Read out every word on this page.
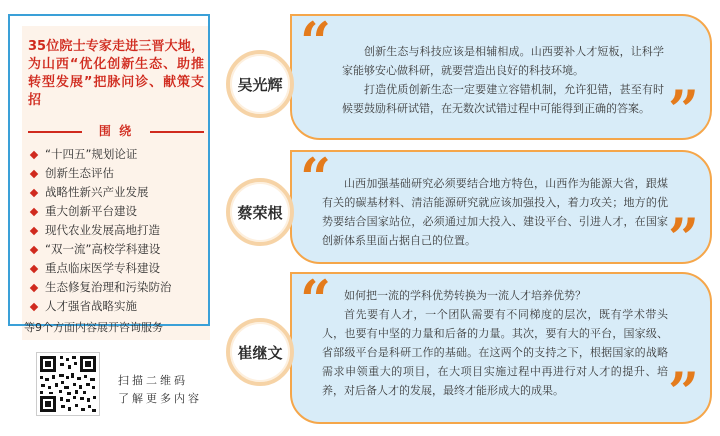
35位院士专家走进三晋大地，为山西“优化创新生态、助推转型发展”把脉问诊、献策支招
围 绕
“十四五”规划论证
创新生态评估
战略性新兴产业发展
重大创新平台建设
现代农业发展高地打造
“双一流”高校学科建设
重点临床医学专科建设
生态修复治理和污染防治
人才强省战略实施
等9个方面内容展开咨询服务
扫描二维码
了解更多内容
“
”

创新生态与科技应该是相辅相成。山西要补人才短板，让科学家能够安心做科研，就要营造出良好的科技环境。

打造优质创新生态一定要建立容错机制，允许犯错，甚至有时候要鼓励科研试错，在无数次试错过程中可能得到正确的答案。

吴光辉
“
”

山西加强基础研究必须要结合地方特色，山西作为能源大省，跟煤有关的碳基材料、清洁能源研究就应该加强投入，着力攻关；地方的优势要结合国家站位，必须通过加大投入、建设平台、引进人才，在国家创新体系里面占据自己的位置。

蔡荣根
“
”

如何把一流的学科优势转换为一流人才培养优势？

首先要有人才，一个团队需要有不同梯度的层次，既有学术带头人，也要有中坚的力量和后备的力量。其次，要有大的平台，国家级、省部级平台是科研工作的基础。在这两个的支持之下，根据国家的战略需求申领重大的项目，在大项目实施过程中再进行对人才的提升、培养，对后备人才的发展，最终才能形成大的成果。

崔继文
